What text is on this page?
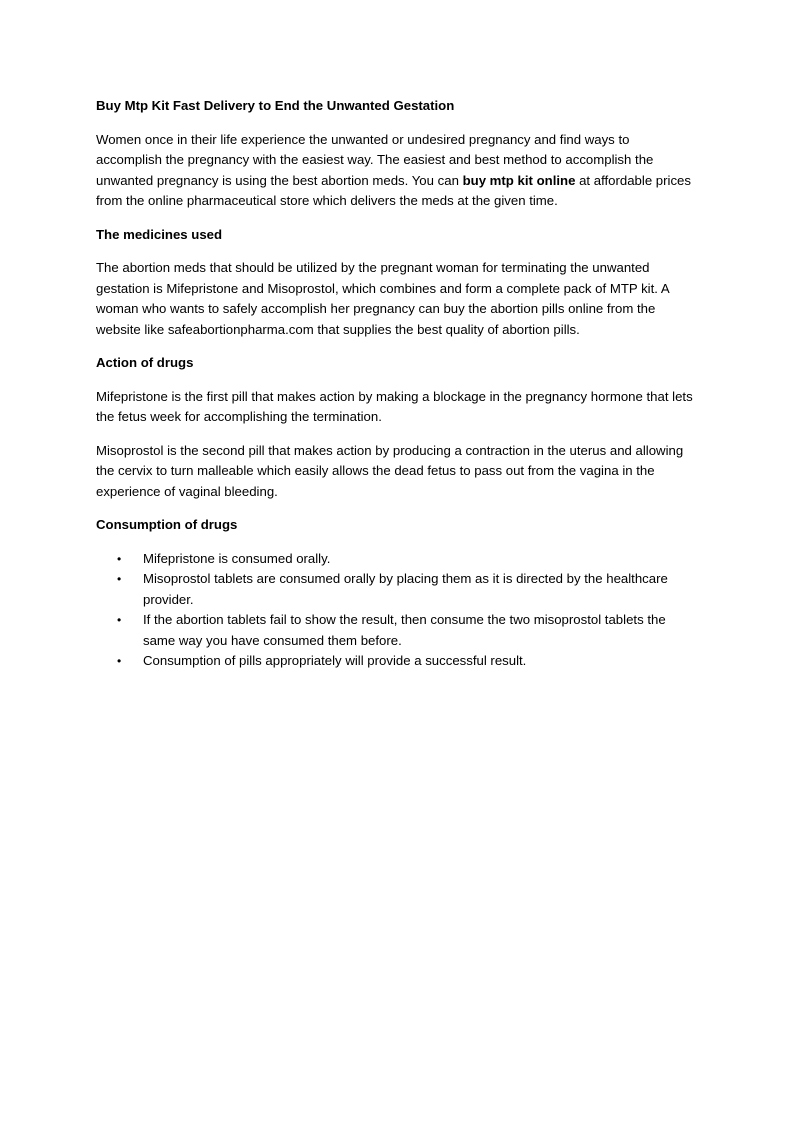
Buy Mtp Kit Fast Delivery to End the Unwanted Gestation

Women once in their life experience the unwanted or undesired pregnancy and find ways to accomplish the pregnancy with the easiest way. The easiest and best method to accomplish the unwanted pregnancy is using the best abortion meds. You can buy mtp kit online at affordable prices from the online pharmaceutical store which delivers the meds at the given time.

The medicines used

The abortion meds that should be utilized by the pregnant woman for terminating the unwanted gestation is Mifepristone and Misoprostol, which combines and form a complete pack of MTP kit. A woman who wants to safely accomplish her pregnancy can buy the abortion pills online from the website like safeabortionpharma.com that supplies the best quality of abortion pills.

Action of drugs

Mifepristone is the first pill that makes action by making a blockage in the pregnancy hormone that lets the fetus week for accomplishing the termination.

Misoprostol is the second pill that makes action by producing a contraction in the uterus and allowing the cervix to turn malleable which easily allows the dead fetus to pass out from the vagina in the experience of vaginal bleeding.

Consumption of drugs
• Mifepristone is consumed orally.
• Misoprostol tablets are consumed orally by placing them as it is directed by the healthcare provider.
• If the abortion tablets fail to show the result, then consume the two misoprostol tablets the same way you have consumed them before.
• Consumption of pills appropriately will provide a successful result.
